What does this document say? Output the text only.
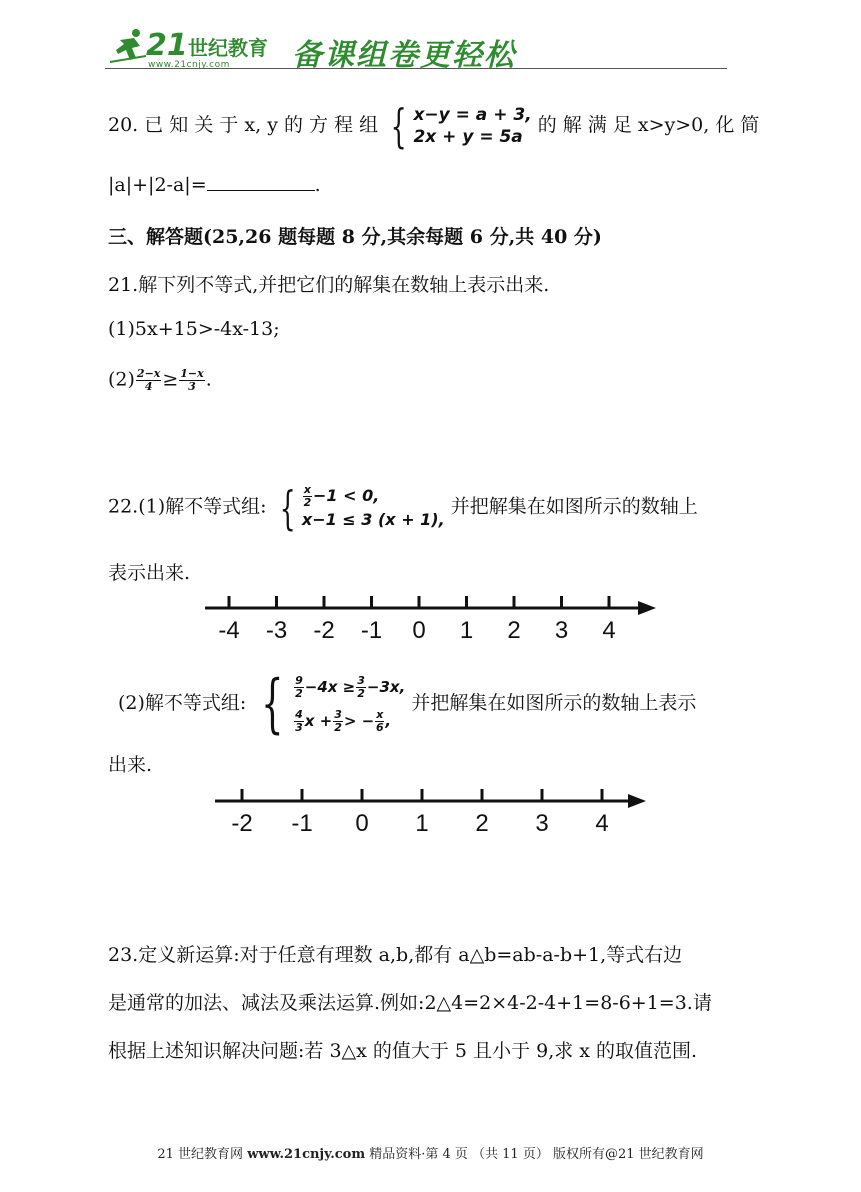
21 世纪教育
www.21cnjy.com 备课组卷更轻松
20. 已 知 关 于 x, y 的 方 程 组 { x−y = a + 3,
2x + y = 5a
的 解 满 足 x>y>0, 化 简
|a|+|2-a|=	.
三、解答题(25,26 题每题 8 分,其余每题 6 分,共 40 分)
21.解下列不等式,并把它们的解集在数轴上表示出来.
(1)5x+15>-4x-13;
$(2) \frac{2-x}{4} \ge \frac{1-x}{3}$ .
22.(1)解不等式组: { $\frac{x}{2} -1 < 0$,
x−1 ≤ 3 (x + 1),
并把解集在如图所示的数轴上
表示出来.
-4 -3 -2 -1 0 1 2 3 4
(2)解不等式组: { $\frac{9}{2} -4x \ge \frac{3}{2} -3x$,
$\frac{4}{3}$ $x + \frac{3}{2}$ > − $\frac{x}{6}$ ,
并把解集在如图所示的数轴上表示
出来.
-2 -1 0 1 2 3 4
23.定义新运算:对于任意有理数 a,b,都有 a△b=ab-a-b+1,等式右边
是通常的加法、减法及乘法运算.例如:2△4=2×4-2-4+1=8-6+1=3.请
根据上述知识解决问题:若 3△x 的值大于 5 且小于 9,求 x 的取值范围.
21 世纪教育网 www.21cnjy.com 精品资料·第 4 页 （共 11 页） 版权所有@21 世纪教育网
